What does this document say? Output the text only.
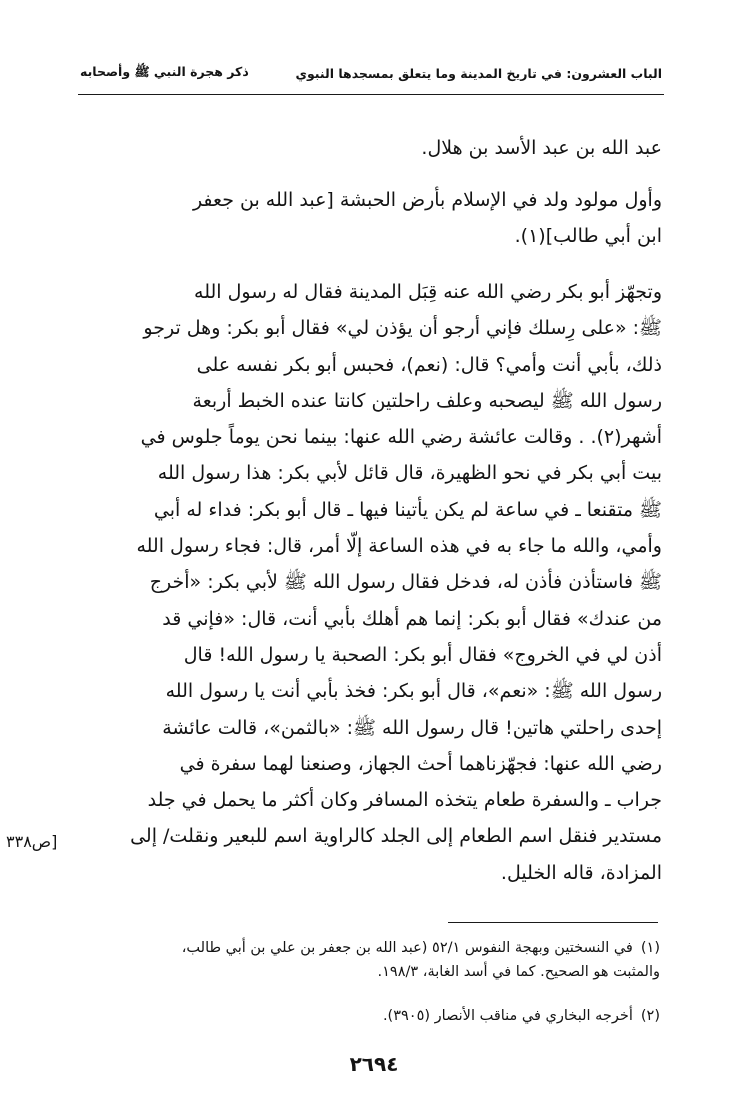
الباب العشرون: في تاريخ المدينة وما يتعلق بمسجدها النبوي
ذكر هجرة النبي ﷺ وأصحابه
عبد الله بن عبد الأسد بن هلال.
وأول مولود ولد في الإسلام بأرض الحبشة [عبد الله بن جعفر
ابن أبي طالب](١).
وتجهّز أبو بكر رضي الله عنه قِبَل المدينة فقال له رسول الله
ﷺ: «على رِسلك فإني أرجو أن يؤذن لي» فقال أبو بكر: وهل ترجو
ذلك، بأبي أنت وأمي؟ قال: (نعم)، فحبس أبو بكر نفسه على
رسول الله ﷺ ليصحبه وعلف راحلتين كانتا عنده الخبط أربعة
أشهر(٢). . وقالت عائشة رضي الله عنها: بينما نحن يوماً جلوس في
بيت أبي بكر في نحو الظهيرة، قال قائل لأبي بكر: هذا رسول الله
ﷺ متقنعا ـ في ساعة لم يكن يأتينا فيها ـ قال أبو بكر: فداء له أبي
وأمي، والله ما جاء به في هذه الساعة إلّا أمر، قال: فجاء رسول الله
ﷺ فاستأذن فأذن له، فدخل فقال رسول الله ﷺ لأبي بكر: «أخرج
من عندك» فقال أبو بكر: إنما هم أهلك بأبي أنت، قال: «فإني قد
أذن لي في الخروج» فقال أبو بكر: الصحبة يا رسول الله! قال
رسول الله ﷺ: «نعم»، قال أبو بكر: فخذ بأبي أنت يا رسول الله
إحدى راحلتي هاتين! قال رسول الله ﷺ: «بالثمن»، قالت عائشة
رضي الله عنها: فجهّزناهما أحث الجهاز، وصنعنا لهما سفرة في
جراب ـ والسفرة طعام يتخذه المسافر وكان أكثر ما يحمل في جلد
مستدير فنقل اسم الطعام إلى الجلد كالراوية اسم للبعير ونقلت/ إلى
المزادة، قاله الخليل.
[ص٣٣٨
(١)في النسختين وبهجة النفوس ٥٢/١ (عبد الله بن جعفر بن علي بن أبي طالب،
والمثبت هو الصحيح. كما في أسد الغابة، ١٩٨/٣.
(٢)أخرجه البخاري في مناقب الأنصار (٣٩٠٥).
٢٦٩٤
